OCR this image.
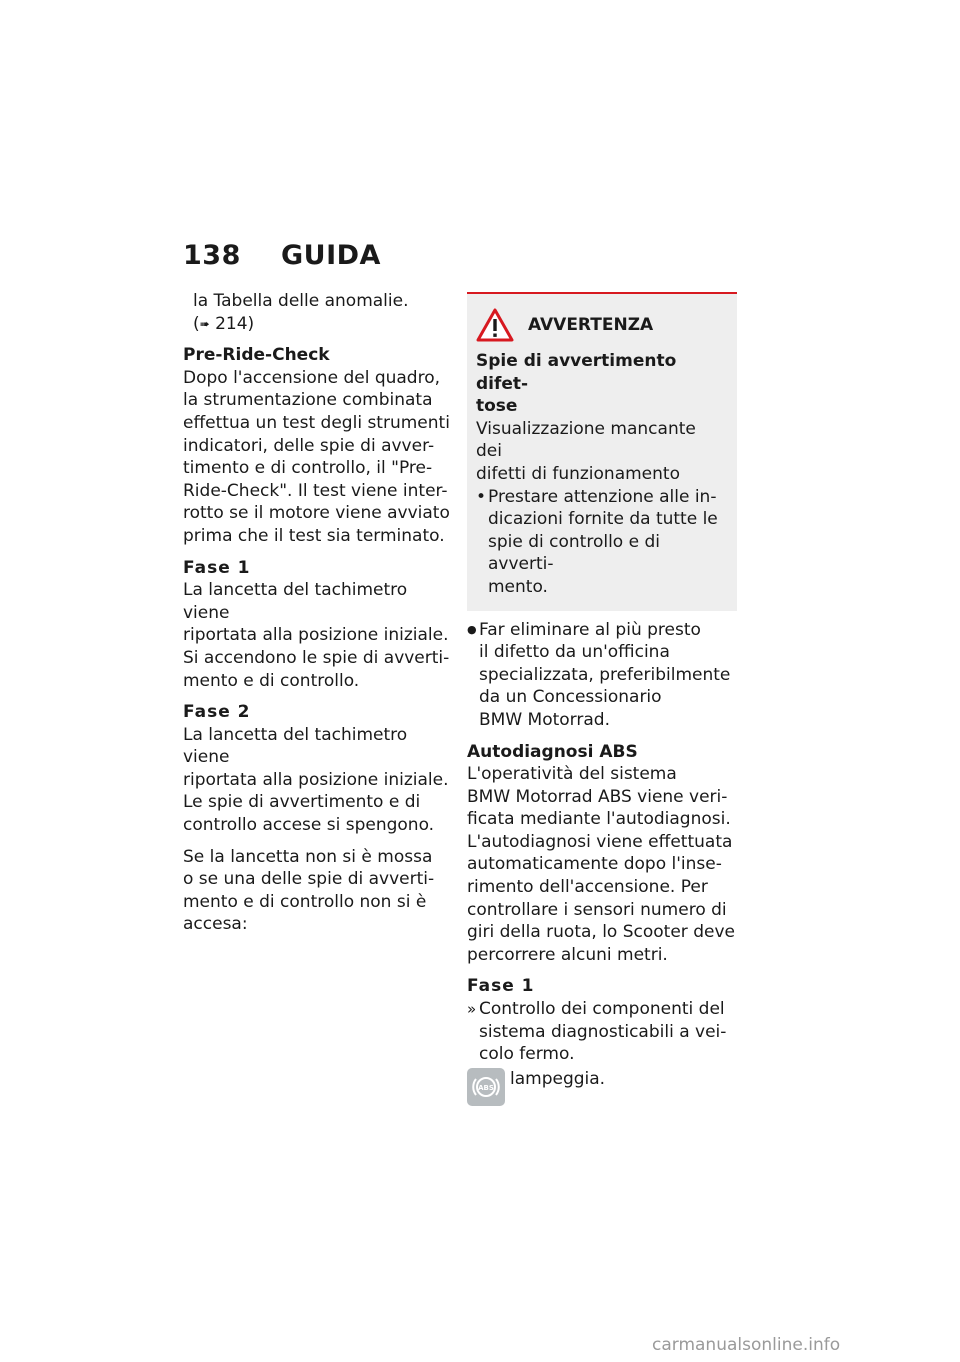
138 GUIDA
la Tabella delle anomalie.
(➠ 214)
Pre-Ride-Check
Dopo l'accensione del quadro,
la strumentazione combinata
effettua un test degli strumenti
indicatori, delle spie di avver-
timento e di controllo, il "Pre-
Ride-Check". Il test viene inter-
rotto se il motore viene avviato
prima che il test sia terminato.
Fase 1
La lancetta del tachimetro viene
riportata alla posizione iniziale.
Si accendono le spie di avverti-
mento e di controllo.
Fase 2
La lancetta del tachimetro viene
riportata alla posizione iniziale.
Le spie di avvertimento e di
controllo accese si spengono.
Se la lancetta non si è mossa
o se una delle spie di avverti-
mento e di controllo non si è
accesa:
AVVERTENZA
Spie di avvertimento difet-
tose
Visualizzazione mancante dei
difetti di funzionamento
• Prestare attenzione alle in-
dicazioni fornite da tutte le
spie di controllo e di avverti-
mento.
● Far eliminare al più presto
il difetto da un'officina
specializzata, preferibilmente
da un Concessionario
BMW Motorrad.
Autodiagnosi ABS
L'operatività del sistema
BMW Motorrad ABS viene veri-
ficata mediante l'autodiagnosi.
L'autodiagnosi viene effettuata
automaticamente dopo l'inse-
rimento dell'accensione. Per
controllare i sensori numero di
giri della ruota, lo Scooter deve
percorrere alcuni metri.
Fase 1
» Controllo dei componenti del
sistema diagnosticabili a vei-
colo fermo.
ABS lampeggia.
carmanualsonline.info
